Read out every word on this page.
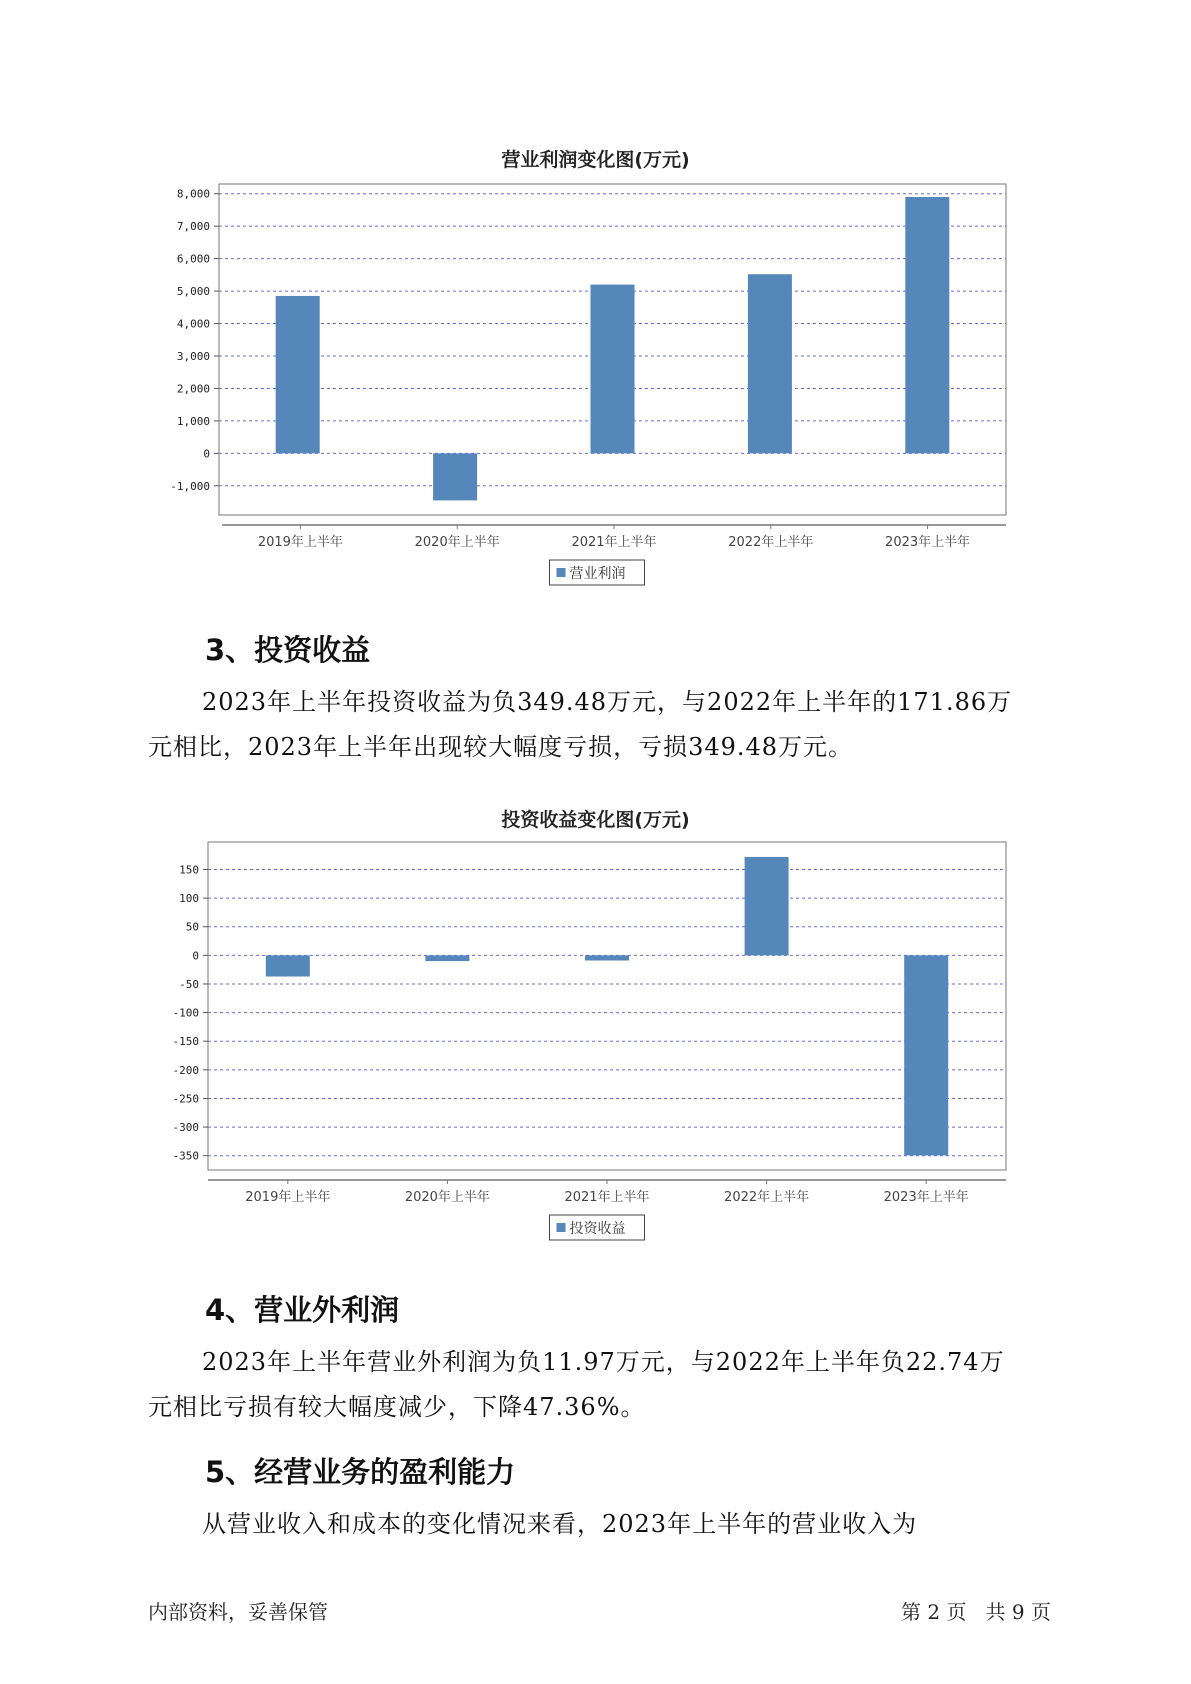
营业利润变化图(万元)
-1,000
0
1,000
2,000
3,000
4,000
5,000
6,000
7,000
8,000
2019年上半年	2020年上半年	2021年上半年	2022年上半年	2023年上半年
营业利润
3、投资收益
2023年上半年投资收益为负349.48万元，与2022年上半年的171.86万
元相比，2023年上半年出现较大幅度亏损，亏损349.48万元。
投资收益变化图(万元)
-350
-300
-250
-200
-150
-100
-50
0
50
100
150
2019年上半年	2020年上半年	2021年上半年	2022年上半年	2023年上半年
投资收益
4、营业外利润
2023年上半年营业外利润为负11.97万元，与2022年上半年负22.74万
元相比亏损有较大幅度减少，下降47.36%。
5、经营业务的盈利能力
从营业收入和成本的变化情况来看，2023年上半年的营业收入为
内部资料，妥善保管	第 2 页   共 9 页
